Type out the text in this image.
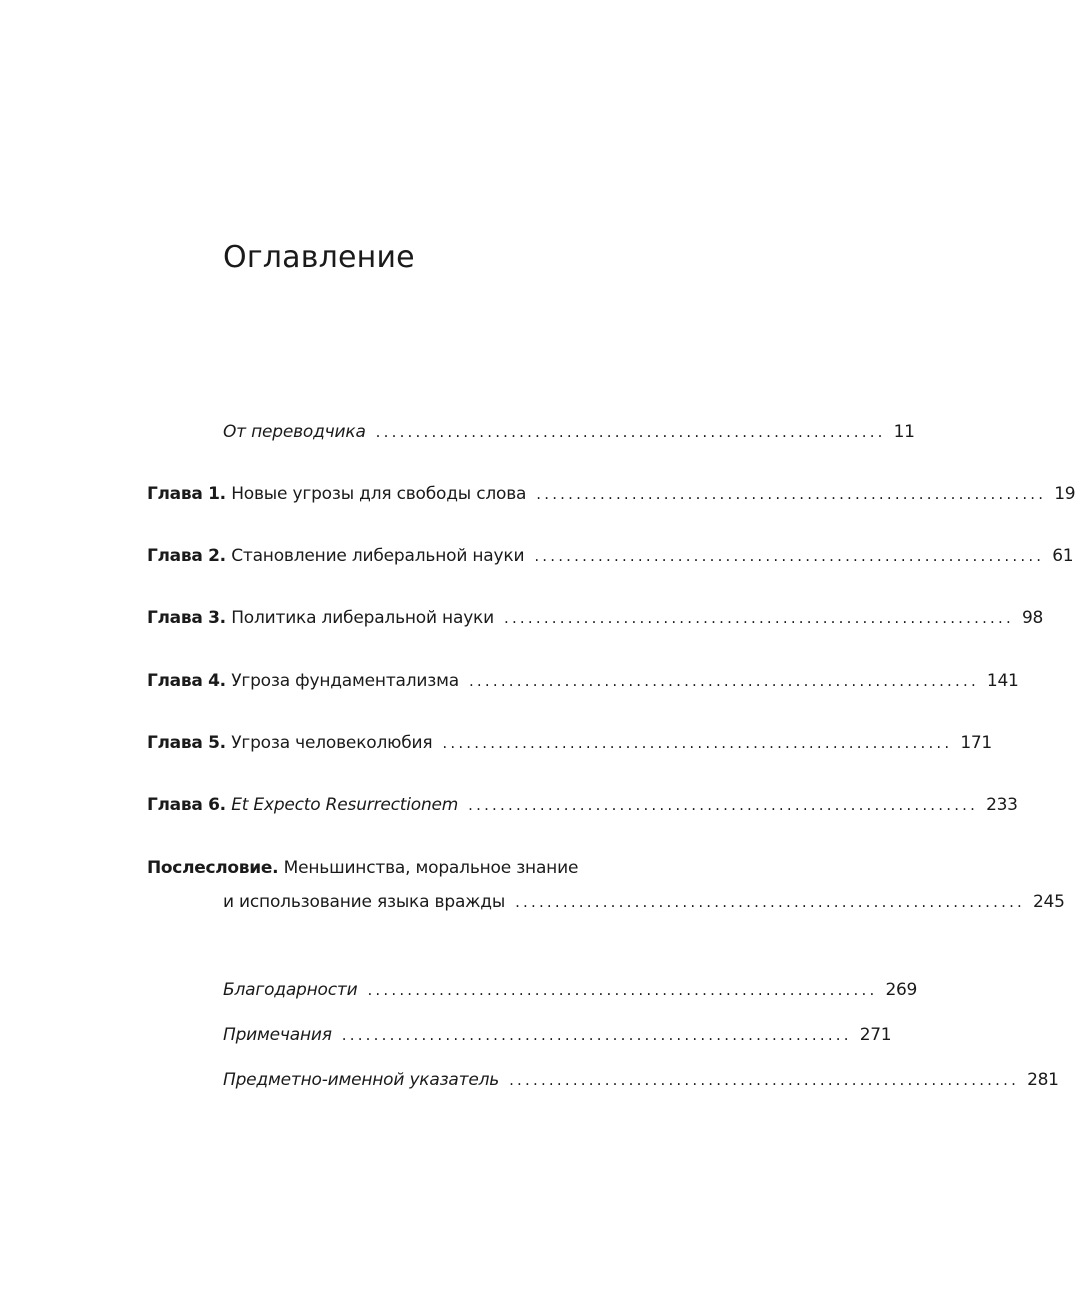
Оглавление
От переводчика ................................................................ 11
Глава 1. Новые угрозы для свободы слова ................................................................ 19
Глава 2. Становление либеральной науки ................................................................ 61
Глава 3. Политика либеральной науки ................................................................ 98
Глава 4. Угроза фундаментализма ................................................................ 141
Глава 5. Угроза человеколюбия ................................................................ 171
Глава 6. Et Expecto Resurrectionem ................................................................ 233
Послесловие. Меньшинства, моральное знание
и использование языка вражды ................................................................ 245
Благодарности ................................................................ 269
Примечания ................................................................ 271
Предметно-именной указатель ................................................................ 281
